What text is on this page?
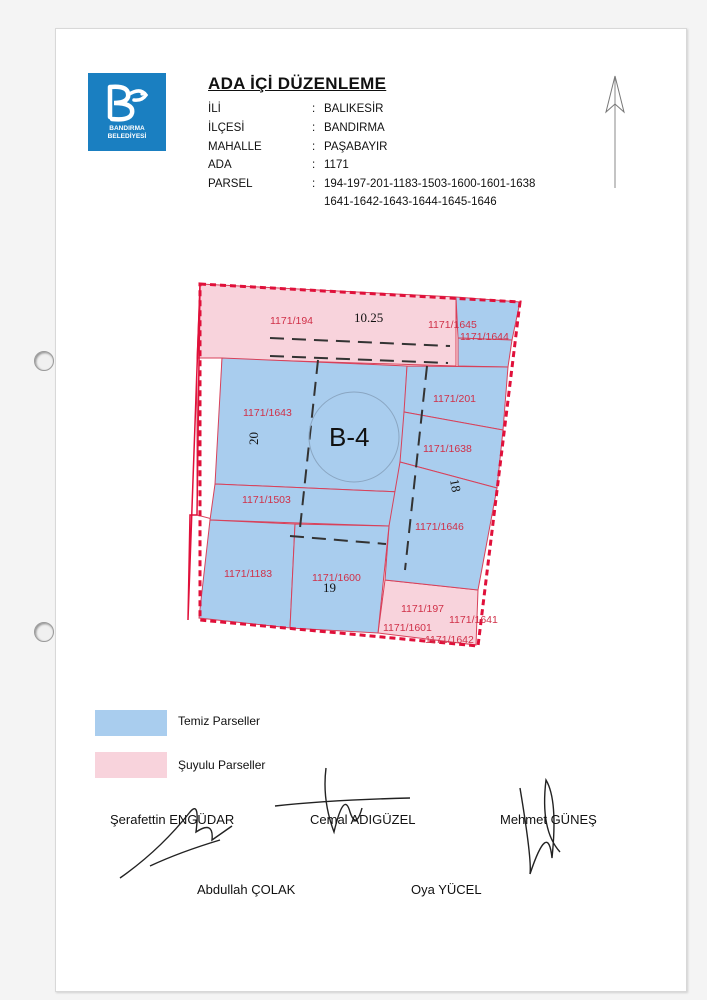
BANDIRMA
BELEDİYESİ
ADA İÇİ DÜZENLEME
İLİ	: BALIKESİR
İLÇESİ	: BANDIRMA
MAHALLE	: PAŞABAYIR
ADA	: 1171
PARSEL	: 194-197-201-1183-1503-1600-1601-1638
1641-1642-1643-1644-1645-1646
B-4
10.25
20
18
19
1171/194	1171/1645
1171/1644
1171/1643
1171/201
1171/1638
1171/1503
1171/1646
1171/1183	1171/1600
1171/197
1171/1641
1171/1601
1171/1642
Temiz Parseller
Şuyulu Parseller
Şerafettin ENGÜDAR	Cemal ADIGÜZEL	Mehmet GÜNEŞ
Abdullah ÇOLAK	Oya YÜCEL
